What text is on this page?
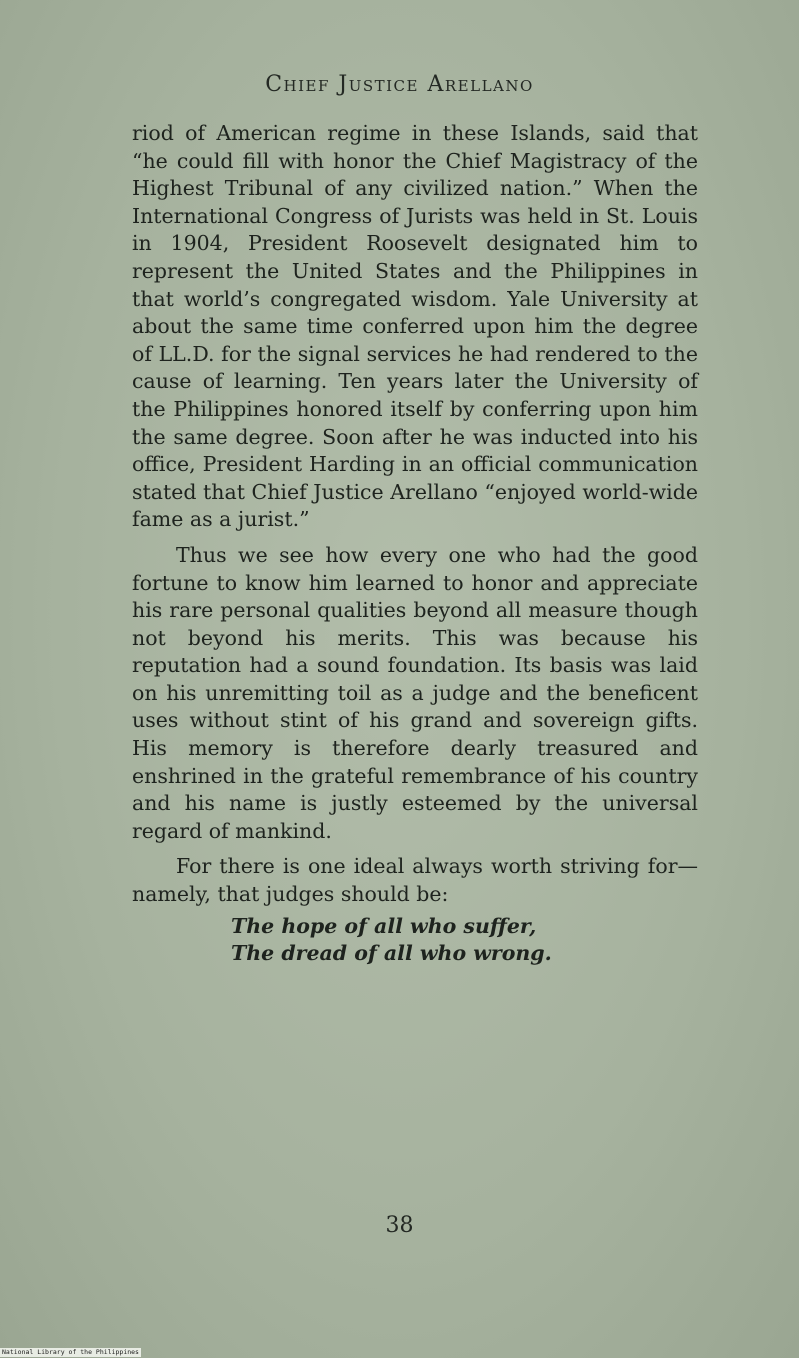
Chief Justice Arellano

riod of American regime in these Islands, said that “he could fill with honor the Chief Magistracy of the Highest Tribunal of any civilized nation.” When the International Congress of Jurists was held in St. Louis in 1904, President Roosevelt designated him to represent the United States and the Philippines in that world’s congregated wisdom. Yale University at about the same time conferred upon him the degree of LL.D. for the signal services he had rendered to the cause of learning. Ten years later the University of the Philippines honored itself by conferring upon him the same degree. Soon after he was inducted into his office, President Harding in an official communication stated that Chief Justice Arellano “enjoyed world-wide fame as a jurist.”

Thus we see how every one who had the good fortune to know him learned to honor and appreciate his rare personal qualities beyond all measure though not beyond his merits. This was because his reputation had a sound foundation. Its basis was laid on his unremitting toil as a judge and the beneficent uses without stint of his grand and sovereign gifts. His memory is therefore dearly treasured and enshrined in the grateful remembrance of his country and his name is justly esteemed by the universal regard of mankind.

For there is one ideal always worth striving for—namely, that judges should be:

The hope of all who suffer,
The dread of all who wrong.
38
National Library of the Philippines
